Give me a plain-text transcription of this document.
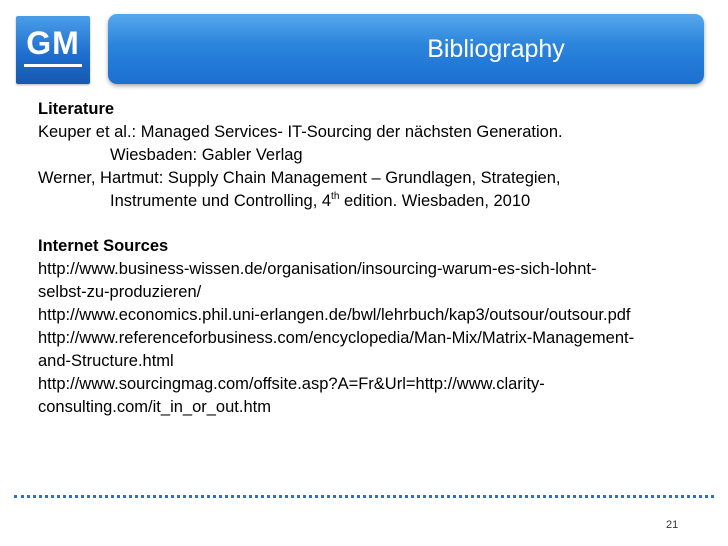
GM	Bibliography
Literature
Keuper et al.: Managed Services- IT-Sourcing der nächsten Generation.
Wiesbaden: Gabler Verlag
Werner, Hartmut: Supply Chain Management – Grundlagen, Strategien,
Instrumente und Controlling, 4th edition. Wiesbaden, 2010
Internet Sources
http://www.business-wissen.de/organisation/insourcing-warum-es-sich-lohnt-
selbst-zu-produzieren/
http://www.economics.phil.uni-erlangen.de/bwl/lehrbuch/kap3/outsour/outsour.pdf
http://www.referenceforbusiness.com/encyclopedia/Man-Mix/Matrix-Management-
and-Structure.html
http://www.sourcingmag.com/offsite.asp?A=Fr&Url=http://www.clarity-
consulting.com/it_in_or_out.htm
21
